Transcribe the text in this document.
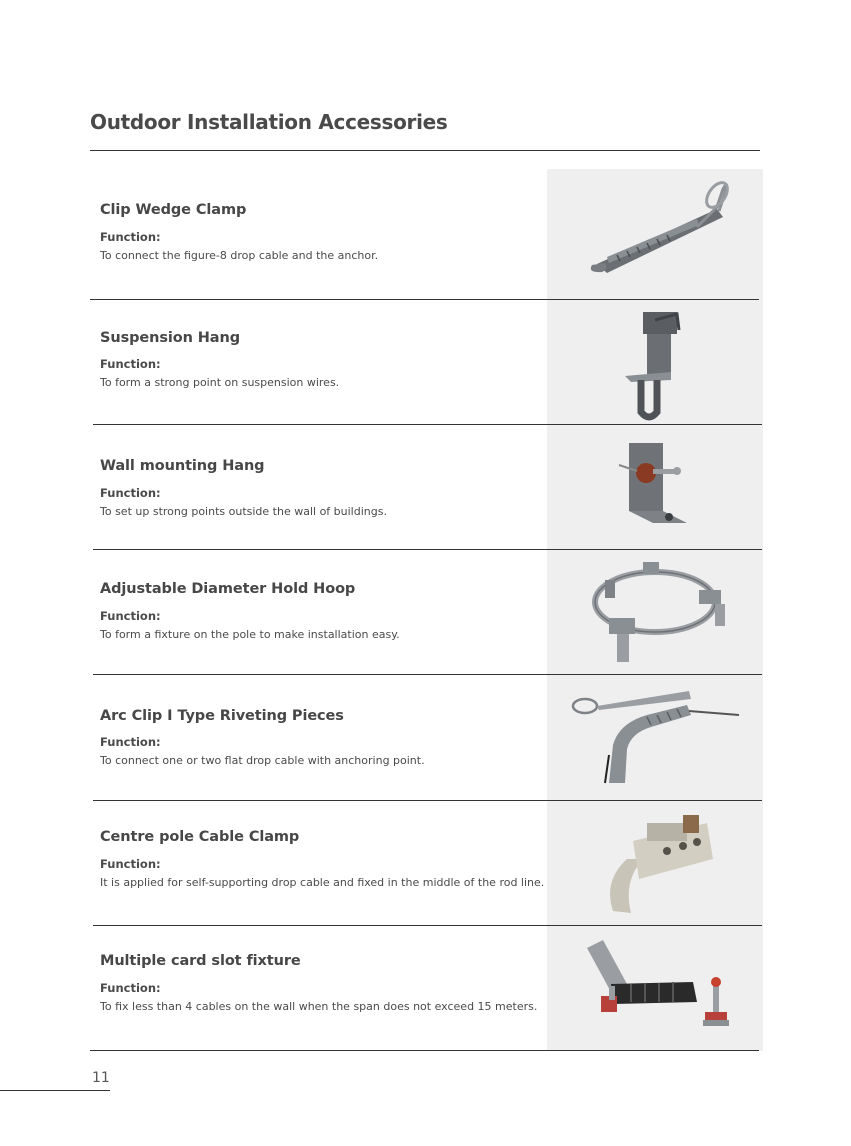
Outdoor Installation Accessories
Clip Wedge Clamp
Function:
To connect the figure-8 drop cable and the anchor.
Suspension Hang
Function:
To form a strong point on suspension wires.
Wall mounting Hang
Function:
To set up strong points outside the wall of buildings.
Adjustable Diameter Hold Hoop
Function:
To form a fixture on the pole to make installation easy.
Arc Clip I Type Riveting Pieces
Function:
To connect one or two flat drop cable with anchoring point.
Centre pole Cable Clamp
Function:
It is applied for self-supporting drop cable and fixed in the middle of the rod line.
Multiple card slot fixture
Function:
To fix less than 4 cables on the wall when the span does not exceed 15 meters.
11
